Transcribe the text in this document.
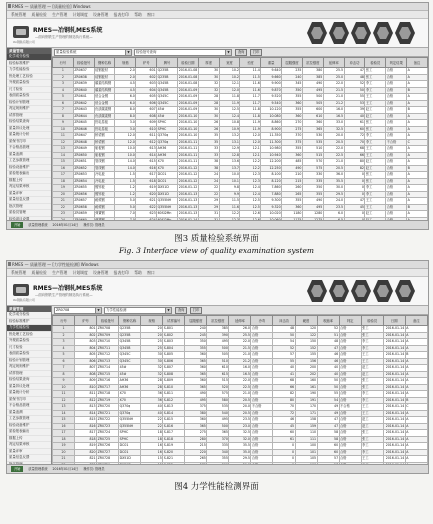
RMES — 质量管理 — [质量检验] Windows
系统管理 质量检验 生产管理 计划调度 设备管理 报表打印 帮助 窗口
RMES—冶钢轧MES系统
—面向钢铁生产管理的制造执行系统—
Xx钢铁有限公司
质量管理
化学成分检验
检验标准维护
力学性能检验
热处理工艺检验
外观质量检验
尺寸检验
表面质量检验
检验计划管理
判定规则维护
试样管理
检验结果查询
质量异议处理
质量统计分析
质保书打印
不合格品管理
质量追溯
工艺参数管理
检验设备维护
质检报表输出
数据上传
判定结果审核
质量评审
质量信息反馈
批次管理
质检员管理
检验项目设置
质量检验系统	▼	检验批号查询	▼	查询	打印
行号	检验批号	钢种名称	规格	炉号	牌号	检验日期	厚度	宽度	长度	重量	屈服强度	抗拉强度	延伸率	冲击功	检验员	判定结果	备注
1	ZR0637	硅钢板材	2.0	601	Q235B	2016-01-08	30	10.2	11.4	9.640	235	380	25.5	47	张工	合格	A
2	ZR0638	硅钢板材	2.0	602	Q235B	2016-01-08	30	10.2	11.5	9.660	240	385	25.0	48	张工	合格	A
3	ZR0639	碳素结构钢	4.5	603	Q345B	2016-01-08	32	12.1	11.6	9.900	345	490	22.0	52	李工	合格	A
4	ZR0640	碳素结构钢	4.5	604	Q345B	2016-01-09	32	12.0	11.6	9.870	350	495	21.5	50	李工	合格	B
5	ZR0641	低合金钢	6.0	605	Q345C	2016-01-09	28	11.8	11.7	9.520	355	500	21.0	55	王工	合格	A
6	ZR0642	低合金钢	6.0	606	Q345C	2016-01-09	28	11.9	11.7	9.540	360	505	21.2	53	王工	合格	A
7	ZR0643	优质碳素钢	8.0	607	45#	2016-01-09	30	12.5	11.8	10.120	355	600	16.0	39	赵工	合格	B
8	ZR0644	优质碳素钢	8.0	608	45#	2016-01-10	30	12.4	11.8	10.080	360	610	16.5	40	赵工	合格	A
9	ZR0645	热轧卷板	3.0	609	SPHC	2016-01-10	26	10.8	11.9	8.860	270	360	33.0	61	张工	合格	A
10	ZR0646	热轧卷板	3.0	610	SPHC	2016-01-10	26	10.9	11.9	8.900	275	365	32.5	60	张工	合格	A
11	ZR0647	桥梁钢	12.0	611	Q370q	2016-01-10	35	13.2	12.0	11.350	370	530	20.0	72	李工	合格	A
12	ZR0648	桥梁钢	12.0	612	Q370q	2016-01-11	35	13.1	12.0	11.300	375	535	20.5	70	李工	不合格	C
13	ZR0649	船板钢	10.0	613	AH36	2016-01-11	33	12.9	12.1	10.980	355	510	22.0	68	王工	合格	A
14	ZR0650	船板钢	10.0	614	AH36	2016-01-11	33	12.8	12.1	10.940	360	515	22.5	66	王工	合格	A
15	ZR0651	管线钢	14.0	615	X70	2016-01-11	38	13.6	12.2	12.200	485	570	21.0	80	赵工	合格	A
16	ZR0652	管线钢	14.0	616	X70	2016-01-12	38	13.7	12.2	12.250	490	575	20.5	82	赵工	合格	B
17	ZR0653	冷轧板	1.5	617	DC01	2016-01-12	24	10.0	12.3	8.100	210	330	36.0	0	张工	合格	A
18	ZR0654	冷轧板	1.5	618	DC01	2016-01-12	24	10.1	12.3	8.120	215	335	35.5	0	张工	合格	A
19	ZR0655	镀锌板	1.2	619	DX51D	2016-01-12	22	9.8	12.4	7.860	260	350	30.0	0	李工	合格	A
20	ZR0656	镀锌板	1.2	620	DX51D	2016-01-13	22	9.9	12.4	7.880	265	355	29.5	0	李工	合格	A
21	ZR0657	耐候钢	5.0	621	Q355NH	2016-01-13	29	11.5	12.5	9.300	355	490	24.0	47	王工	合格	A
22	ZR0658	耐候钢	5.0	622	Q355NH	2016-01-13	29	11.6	12.5	9.320	360	495	23.5	45	王工	合格	B
23	ZR0659	弹簧钢	7.0	623	60Si2Mn	2016-01-13	31	12.2	12.6	10.020	1180	1280	6.0	0	赵工	合格	A

开始	质量管理系统 2016年01月14日 操作员: 管理员
图3 质量检验系统界面
Fig. 3 Interface view of quality examination system
RMES — 质量管理 — [力学性能检测] Windows
系统管理 质量检验 生产管理 计划调度 设备管理 报表打印 帮助 窗口
RMES—冶钢轧MES系统
—面向钢铁生产管理的制造执行系统—
Xx钢铁有限公司
质量管理
化学成分检验
检验标准维护
力学性能检验
热处理工艺检验
外观质量检验
尺寸检验
表面质量检验
检验计划管理
判定规则维护
试样管理
检验结果查询
质量异议处理
质量统计分析
质保书打印
不合格品管理
质量追溯
工艺参数管理
检验设备维护
质检报表输出
数据上传
判定结果审核
质量评审
质量信息反馈
ZR0708	▼	力学性能检测	▼	查询	打印
行号	炉号	检验批号	钢种名称	规格	试样编号	屈服强度	抗拉强度	延伸率	冷弯	冲击功	硬度	收缩率	判定	检验员	日期	备注
1	801	ZR0708	Q235B	20	S-801	240	385	26.0	合格	48	120	52	合格	张工	2016-01-14	A
2	802	ZR0709	Q235B	20	S-802	245	390	25.5	合格	50	122	51	合格	张工	2016-01-14	A
3	803	ZR0710	Q345B	25	S-803	350	495	22.0	合格	54	150	48	合格	李工	2016-01-14	A
4	804	ZR0711	Q345B	25	S-804	355	500	21.5	合格	52	152	47	合格	李工	2016-01-14	A
5	805	ZR0712	Q345C	30	S-805	360	505	21.0	合格	57	155	46	合格	王工	2016-01-14	B
6	806	ZR0713	Q345C	30	S-806	365	510	21.2	合格	55	156	46	合格	王工	2016-01-14	A
7	807	ZR0714	45#	32	S-807	360	610	16.0	合格	40	200	40	合格	赵工	2016-01-14	A
8	808	ZR0715	45#	32	S-808	365	615	16.5	合格	41	202	40	合格	赵工	2016-01-14	A
9	809	ZR0716	AH36	28	S-809	360	515	22.0	合格	68	160	50	合格	张工	2016-01-14	A
10	810	ZR0717	AH36	28	S-810	365	520	22.5	合格	66	161	50	合格	张工	2016-01-14	A
11	811	ZR0718	X70	36	S-811	490	575	21.0	合格	82	190	55	合格	李工	2016-01-14	A
12	812	ZR0719	X70	36	S-812	495	580	20.5	合格	80	191	54	合格	李工	2016-01-14	B
13	813	ZR0720	Q370q	40	S-813	375	535	20.0	不合格	70	170	49	不合格	王工	2016-01-14	C
14	814	ZR0721	Q370q	40	S-814	380	540	20.5	合格	72	171	49	合格	王工	2016-01-14	A
15	815	ZR0722	Q355NH	22	S-815	360	495	23.5	合格	46	158	47	合格	赵工	2016-01-14	A
16	816	ZR0723	Q355NH	22	S-816	365	500	23.0	合格	45	159	47	合格	赵工	2016-01-14	A
17	817	ZR0724	SPHC	18	S-817	275	365	32.5	合格	60	110	58	合格	张工	2016-01-14	A
18	818	ZR0725	SPHC	18	S-818	280	370	32.0	合格	61	111	58	合格	张工	2016-01-14	A
19	819	ZR0726	DC01	16	S-819	215	335	35.5	合格	0	100	60	合格	李工	2016-01-14	A
20	820	ZR0727	DC01	16	S-820	220	340	35.0	合格	0	101	60	合格	李工	2016-01-14	A
21	821	ZR0728	DX51D	15	S-821	265	355	29.5	合格	0	105	57	合格	王工	2016-01-14	A

开始	质量管理系统 2016年01月14日 操作员: 管理员
图4 力学性能检测界面
